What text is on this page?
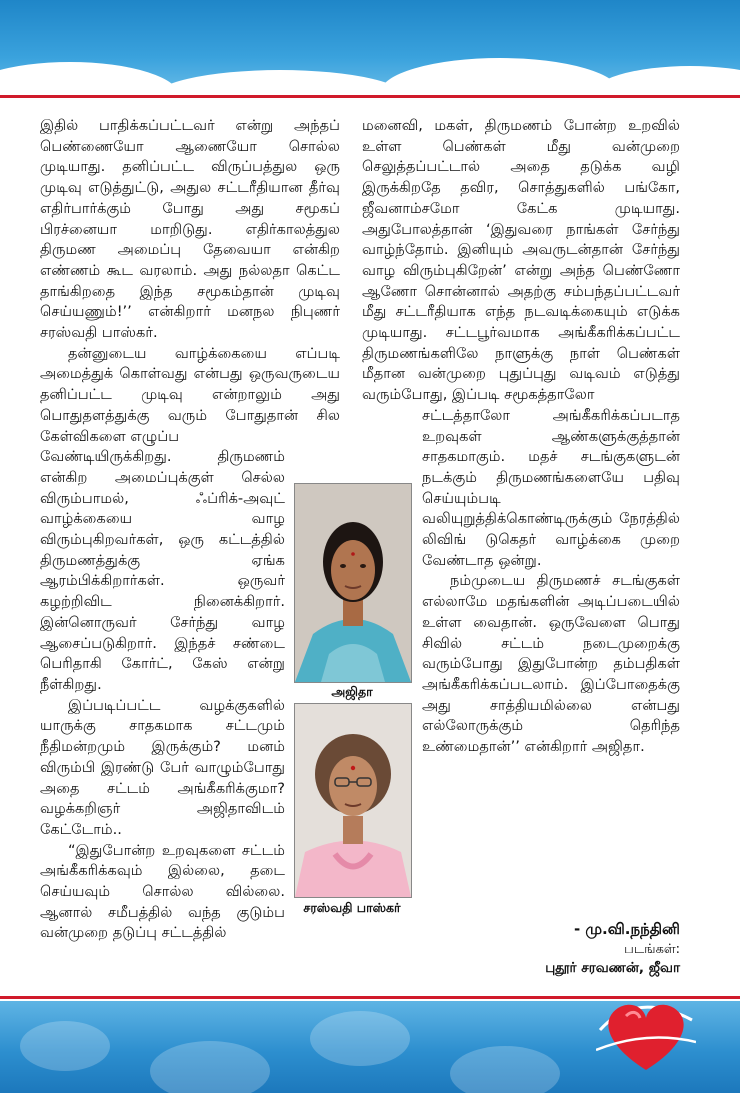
இதில் பாதிக்கப்பட்டவர் என்று அந்தப் பெண்ணையோ ஆணையோ சொல்ல முடியாது. தனிப்பட்ட விருப்பத்துல ஒரு முடிவு எடுத்துட்டு, அதுல சட்டரீதியான தீர்வு எதிர்பார்க்கும் போது அது சமூகப் பிரச்னையா மாறிடுது. எதிர்காலத்துல திருமண அமைப்பு தேவையா என்கிற எண்ணம் கூட வரலாம். அது நல்லதா கெட்ட தாங்கிறதை இந்த சமூகம்தான் முடிவு செய்யணும்!’’ என்கிறார் மனநல நிபுணர் சரஸ்வதி பாஸ்கர்.

தன்னுடைய வாழ்க்கையை எப்படி அமைத்துக் கொள்வது என்பது ஒருவருடைய தனிப்பட்ட முடிவு என்றாலும் அது பொதுதளத்துக்கு வரும் போதுதான் சில கேள்விகளை எழுப்ப

வேண்டியிருக்கிறது. திருமணம் என்கிற அமைப்புக்குள் செல்ல விரும்பாமல், ஃப்ரிக்-அவுட் வாழ்க்கையை வாழ விரும்புகிறவர்கள், ஒரு கட்டத்தில் திருமணத்துக்கு ஏங்க ஆரம்பிக்கிறார்கள். ஒருவர் கழற்றிவிட நினைக்கிறார். இன்னொருவர் சேர்ந்து வாழ ஆசைப்படுகிறார். இந்தச் சண்டை பெரிதாகி கோர்ட், கேஸ் என்று நீள்கிறது.

இப்படிப்பட்ட வழக்குகளில் யாருக்கு சாதகமாக சட்டமும் நீதிமன்றமும் இருக்கும்? மனம் விரும்பி இரண்டு பேர் வாழும்போது அதை சட்டம் அங்கீகரிக்குமா? வழக்கறிஞர் அஜிதாவிடம் கேட்டோம்..

“இதுபோன்ற உறவுகளை சட்டம் அங்கீகரிக்கவும் இல்லை, தடை செய்யவும் சொல்ல வில்லை. ஆனால் சமீபத்தில் வந்த குடும்ப வன்முறை தடுப்பு சட்டத்தில்

மனைவி, மகள், திருமணம் போன்ற உறவில் உள்ள பெண்கள் மீது வன்முறை செலுத்தப்பட்டால் அதை தடுக்க வழி இருக்கிறதே தவிர, சொத்துகளில் பங்கோ, ஜீவனாம்சமோ கேட்க முடியாது. அதுபோலத்தான் ‘இதுவரை நாங்கள் சேர்ந்து வாழ்ந்தோம். இனியும் அவருடன்தான் சேர்ந்து வாழ விரும்புகிறேன்’ என்று அந்த பெண்ணோ ஆணோ சொன்னால் அதற்கு சம்பந்தப்பட்டவர் மீது சட்டரீதியாக எந்த நடவடிக்கையும் எடுக்க முடியாது. சட்டபூர்வமாக அங்கீகரிக்கப்பட்ட திருமணங்களிலே நாளுக்கு நாள் பெண்கள் மீதான வன்முறை புதுப்புது வடிவம் எடுத்து வரும்போது, இப்படி சமூகத்தாலோ

சட்டத்தாலோ அங்கீகரிக்கப்படாத உறவுகள் ஆண்களுக்குத்தான் சாதகமாகும். மதச் சடங்குகளுடன் நடக்கும் திருமணங்களையே பதிவு செய்யும்படி வலியுறுத்திக்கொண்டிருக்கும் நேரத்தில் லிவிங் டுகெதர் வாழ்க்கை முறை வேண்டாத ஒன்று.

நம்முடைய திருமணச் சடங்குகள் எல்லாமே மதங்களின் அடிப்படையில் உள்ள வைதான். ஒருவேளை பொது சிவில் சட்டம் நடைமுறைக்கு வரும்போது இதுபோன்ற தம்பதிகள் அங்கீகரிக்கப்படலாம். இப்போதைக்கு அது சாத்தியமில்லை என்பது எல்லோருக்கும் தெரிந்த உண்மைதான்’’ என்கிறார் அஜிதா.

அஜிதா
சரஸ்வதி பாஸ்கர்
- மு.வி.நந்தினி
படங்கள்:
புதூர் சரவணன், ஜீவா
